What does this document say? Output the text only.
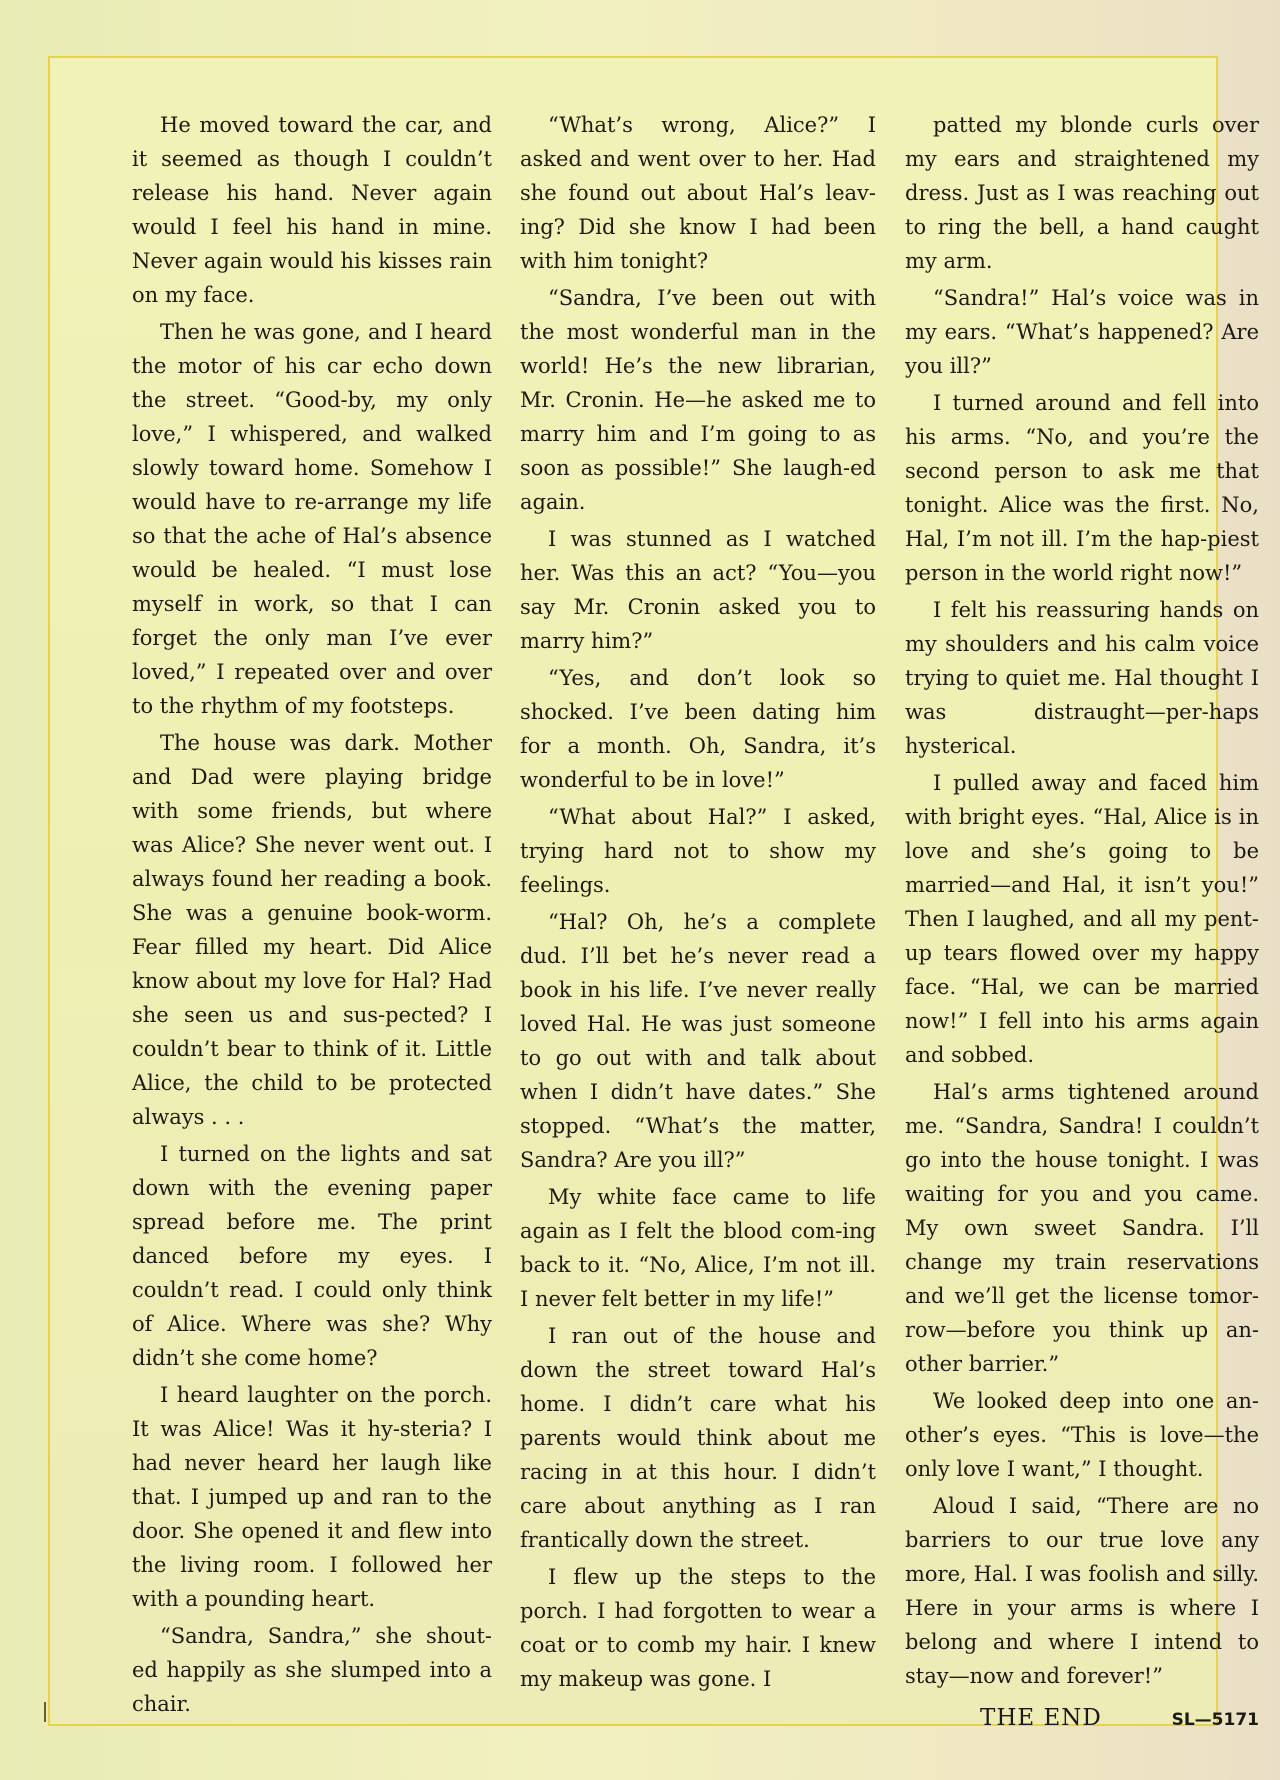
He moved toward the car, and it seemed as though I couldn’t release his hand. Never again would I feel his hand in mine. Never again would his kisses rain on my face.

Then he was gone, and I heard the motor of his car echo down the street. “Good-by, my only love,” I whispered, and walked slowly toward home. Somehow I would have to re-arrange my life so that the ache of Hal’s absence would be healed. “I must lose myself in work, so that I can forget the only man I’ve ever loved,” I repeated over and over to the rhythm of my footsteps.

The house was dark. Mother and Dad were playing bridge with some friends, but where was Alice? She never went out. I always found her reading a book. She was a genuine book-worm. Fear filled my heart. Did Alice know about my love for Hal? Had she seen us and sus-pected? I couldn’t bear to think of it. Little Alice, the child to be protected always . . .

I turned on the lights and sat down with the evening paper spread before me. The print danced before my eyes. I couldn’t read. I could only think of Alice. Where was she? Why didn’t she come home?

I heard laughter on the porch. It was Alice! Was it hy-steria? I had never heard her laugh like that. I jumped up and ran to the door. She opened it and flew into the living room. I followed her with a pounding heart.

“Sandra, Sandra,” she shout-ed happily as she slumped into a chair.

“What’s wrong, Alice?” I asked and went over to her. Had she found out about Hal’s leav-ing? Did she know I had been with him tonight?

“Sandra, I’ve been out with the most wonderful man in the world! He’s the new librarian, Mr. Cronin. He—he asked me to marry him and I’m going to as soon as possible!” She laugh-ed again.

I was stunned as I watched her. Was this an act? “You—you say Mr. Cronin asked you to marry him?”

“Yes, and don’t look so shocked. I’ve been dating him for a month. Oh, Sandra, it’s wonderful to be in love!”

“What about Hal?” I asked, trying hard not to show my feelings.

“Hal? Oh, he’s a complete dud. I’ll bet he’s never read a book in his life. I’ve never really loved Hal. He was just someone to go out with and talk about when I didn’t have dates.” She stopped. “What’s the matter, Sandra? Are you ill?”

My white face came to life again as I felt the blood com-ing back to it. “No, Alice, I’m not ill. I never felt better in my life!”

I ran out of the house and down the street toward Hal’s home. I didn’t care what his parents would think about me racing in at this hour. I didn’t care about anything as I ran frantically down the street.

I flew up the steps to the porch. I had forgotten to wear a coat or to comb my hair. I knew my makeup was gone. I

patted my blonde curls over my ears and straightened my dress. Just as I was reaching out to ring the bell, a hand caught my arm.

“Sandra!” Hal’s voice was in my ears. “What’s happened? Are you ill?”

I turned around and fell into his arms. “No, and you’re the second person to ask me that tonight. Alice was the first. No, Hal, I’m not ill. I’m the hap-piest person in the world right now!”

I felt his reassuring hands on my shoulders and his calm voice trying to quiet me. Hal thought I was distraught—per-haps hysterical.

I pulled away and faced him with bright eyes. “Hal, Alice is in love and she’s going to be married—and Hal, it isn’t you!” Then I laughed, and all my pent-up tears flowed over my happy face. “Hal, we can be married now!” I fell into his arms again and sobbed.

Hal’s arms tightened around me. “Sandra, Sandra! I couldn’t go into the house tonight. I was waiting for you and you came. My own sweet Sandra. I’ll change my train reservations and we’ll get the license tomor-row—before you think up an-other barrier.”

We looked deep into one an-other’s eyes. “This is love—the only love I want,” I thought.

Aloud I said, “There are no barriers to our true love any more, Hal. I was foolish and silly. Here in your arms is where I belong and where I intend to stay—now and forever!”

THE END	SL—5171
